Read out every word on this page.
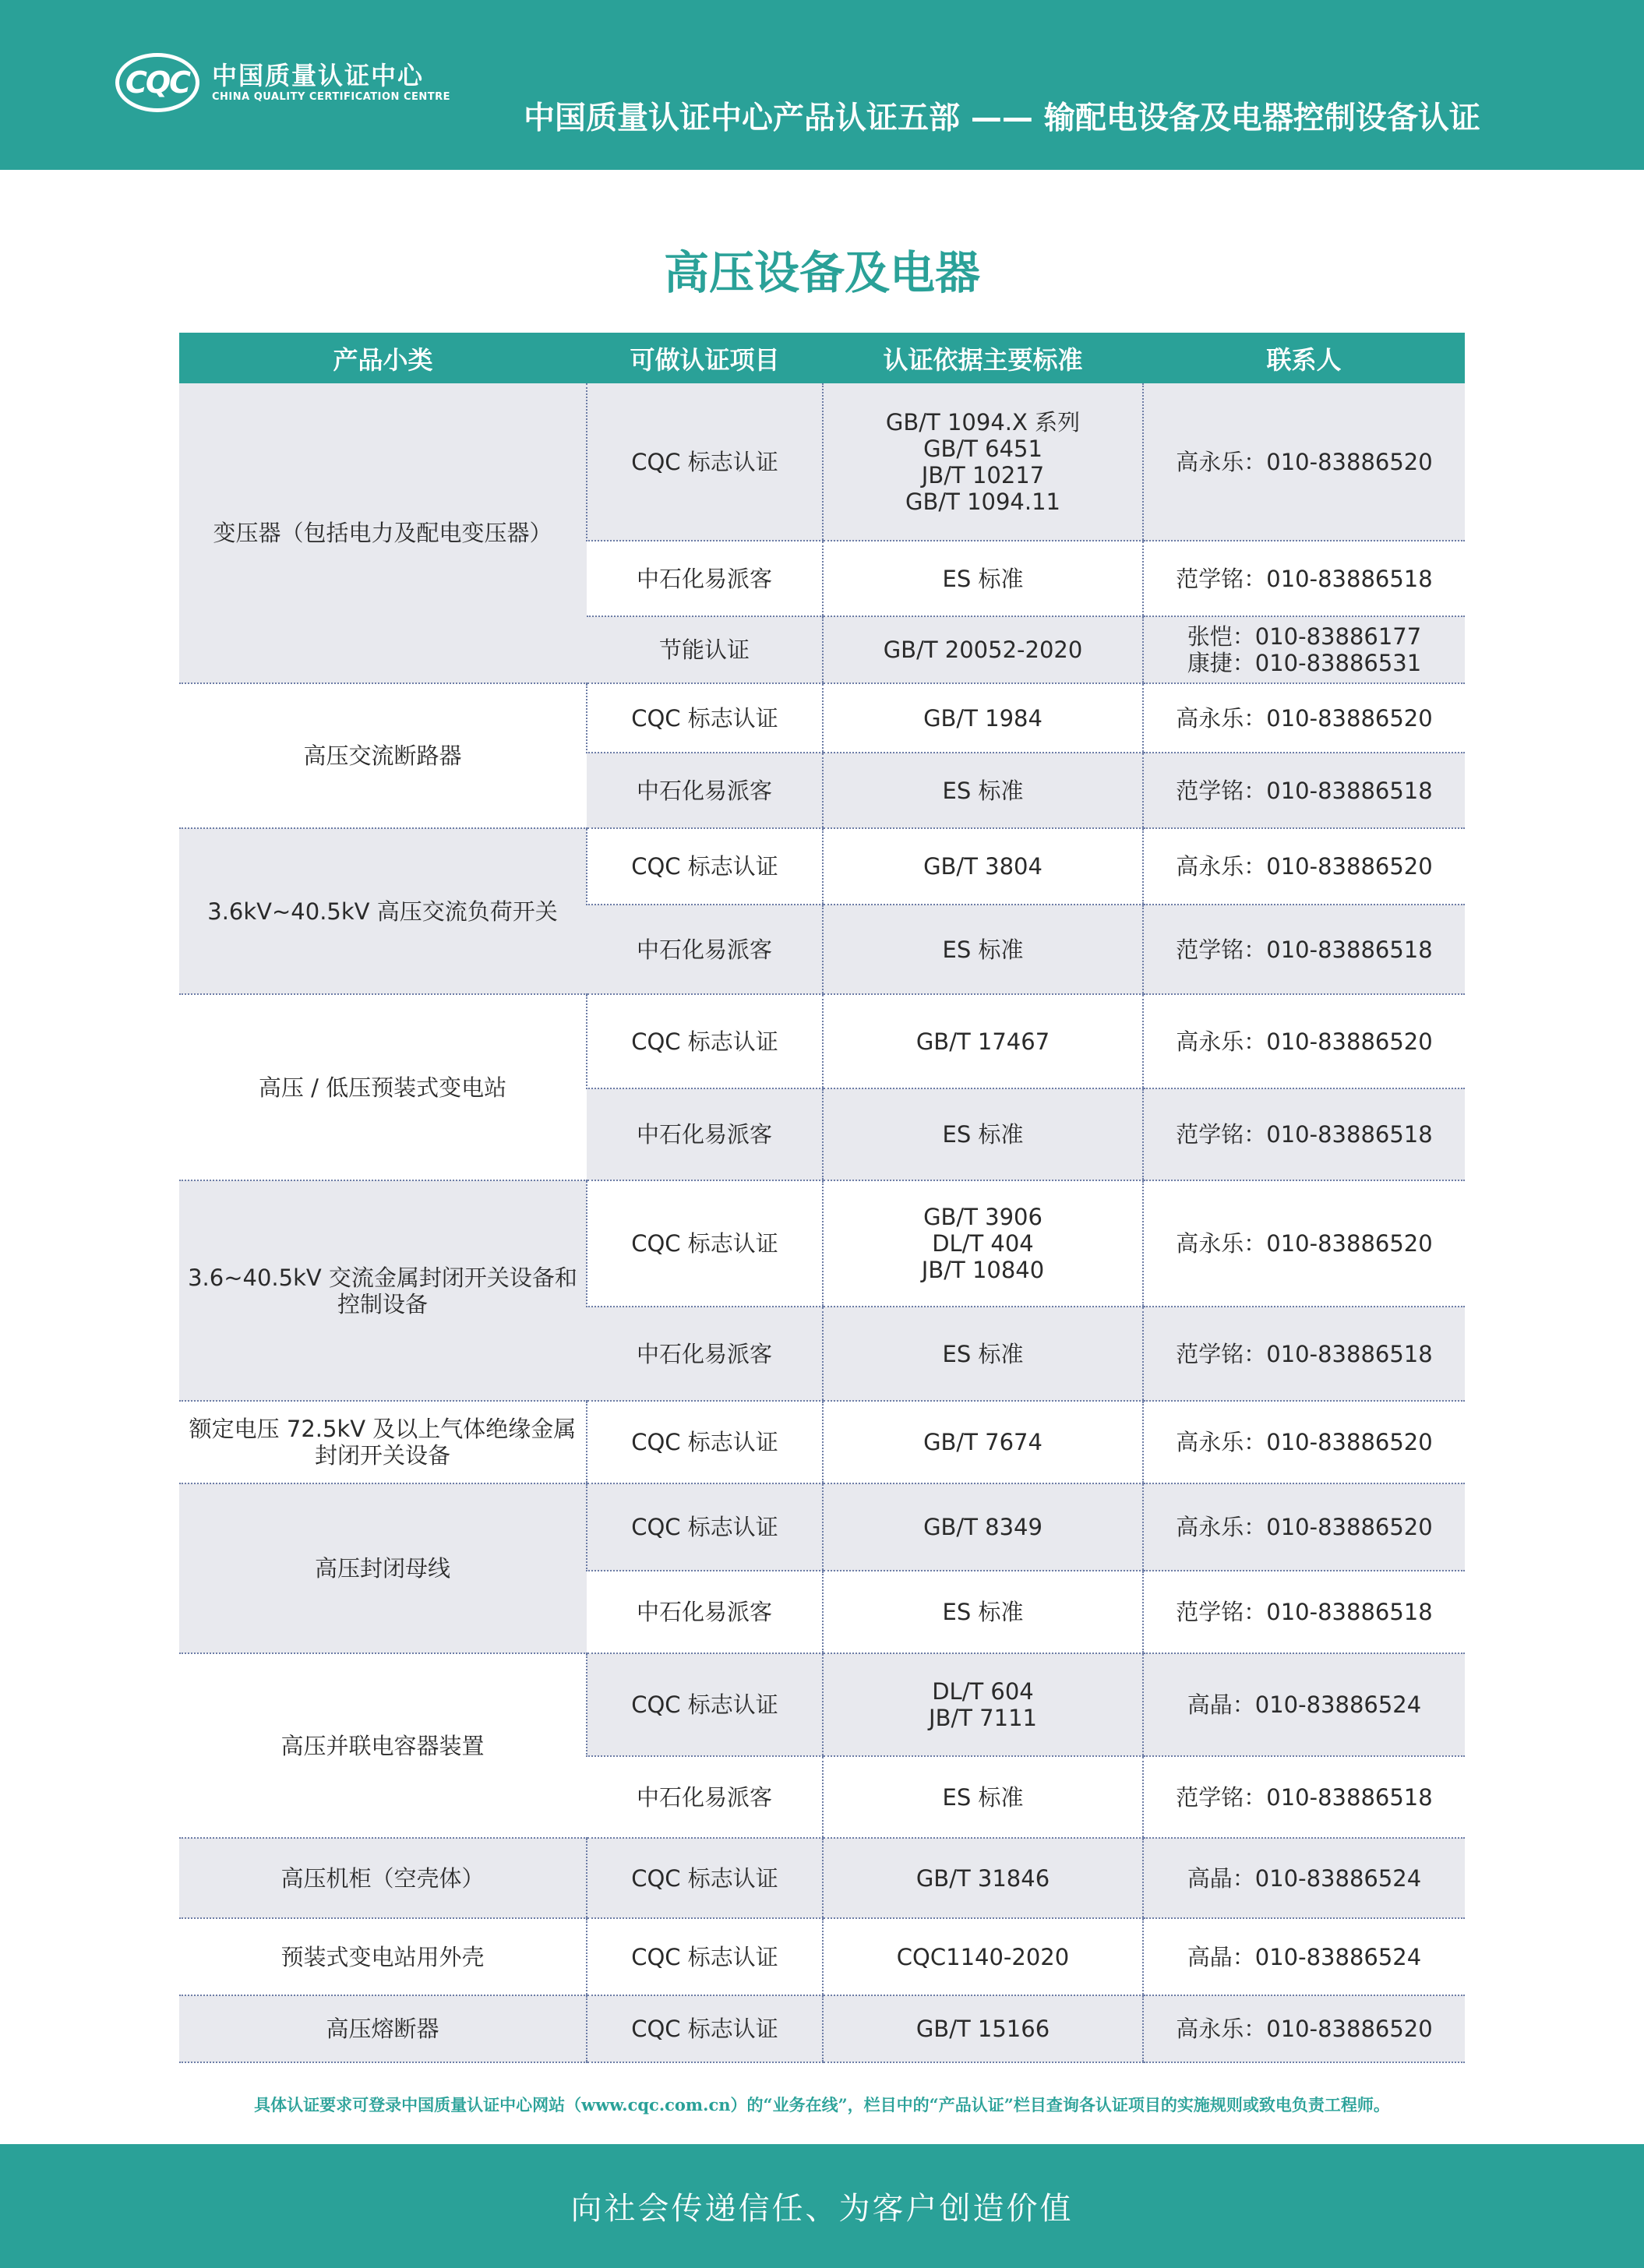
CQC 中国质量认证中心
CHINA QUALITY CERTIFICATION CENTRE
中国质量认证中心产品认证五部 —— 输配电设备及电器控制设备认证
高压设备及电器
产品小类	可做认证项目	认证依据主要标准	联系人
变压器（包括电力及配电变压器）	CQC 标志认证	GB/T 1094.X 系列
GB/T 6451
JB/T 10217
GB/T 1094.11	高永乐：010-83886520
	中石化易派客	ES 标准	范学铭：010-83886518
	节能认证	GB/T 20052-2020	张恺：010-83886177
康捷：010-83886531
高压交流断路器	CQC 标志认证	GB/T 1984	高永乐：010-83886520
	中石化易派客	ES 标准	范学铭：010-83886518
3.6kV~40.5kV 高压交流负荷开关	CQC 标志认证	GB/T 3804	高永乐：010-83886520
	中石化易派客	ES 标准	范学铭：010-83886518
高压 / 低压预装式变电站	CQC 标志认证	GB/T 17467	高永乐：010-83886520
	中石化易派客	ES 标准	范学铭：010-83886518
3.6~40.5kV 交流金属封闭开关设备和控制设备	CQC 标志认证	GB/T 3906
DL/T 404
JB/T 10840	高永乐：010-83886520
	中石化易派客	ES 标准	范学铭：010-83886518
额定电压 72.5kV 及以上气体绝缘金属封闭开关设备	CQC 标志认证	GB/T 7674	高永乐：010-83886520
高压封闭母线	CQC 标志认证	GB/T 8349	高永乐：010-83886520
	中石化易派客	ES 标准	范学铭：010-83886518
高压并联电容器装置	CQC 标志认证	DL/T 604
JB/T 7111	高晶：010-83886524
	中石化易派客	ES 标准	范学铭：010-83886518
高压机柜（空壳体）	CQC 标志认证	GB/T 31846	高晶：010-83886524
预装式变电站用外壳	CQC 标志认证	CQC1140-2020	高晶：010-83886524
高压熔断器	CQC 标志认证	GB/T 15166	高永乐：010-83886520
具体认证要求可登录中国质量认证中心网站（www.cqc.com.cn）的“业务在线”，栏目中的“产品认证”栏目查询各认证项目的实施规则或致电负责工程师。
向社会传递信任、为客户创造价值
